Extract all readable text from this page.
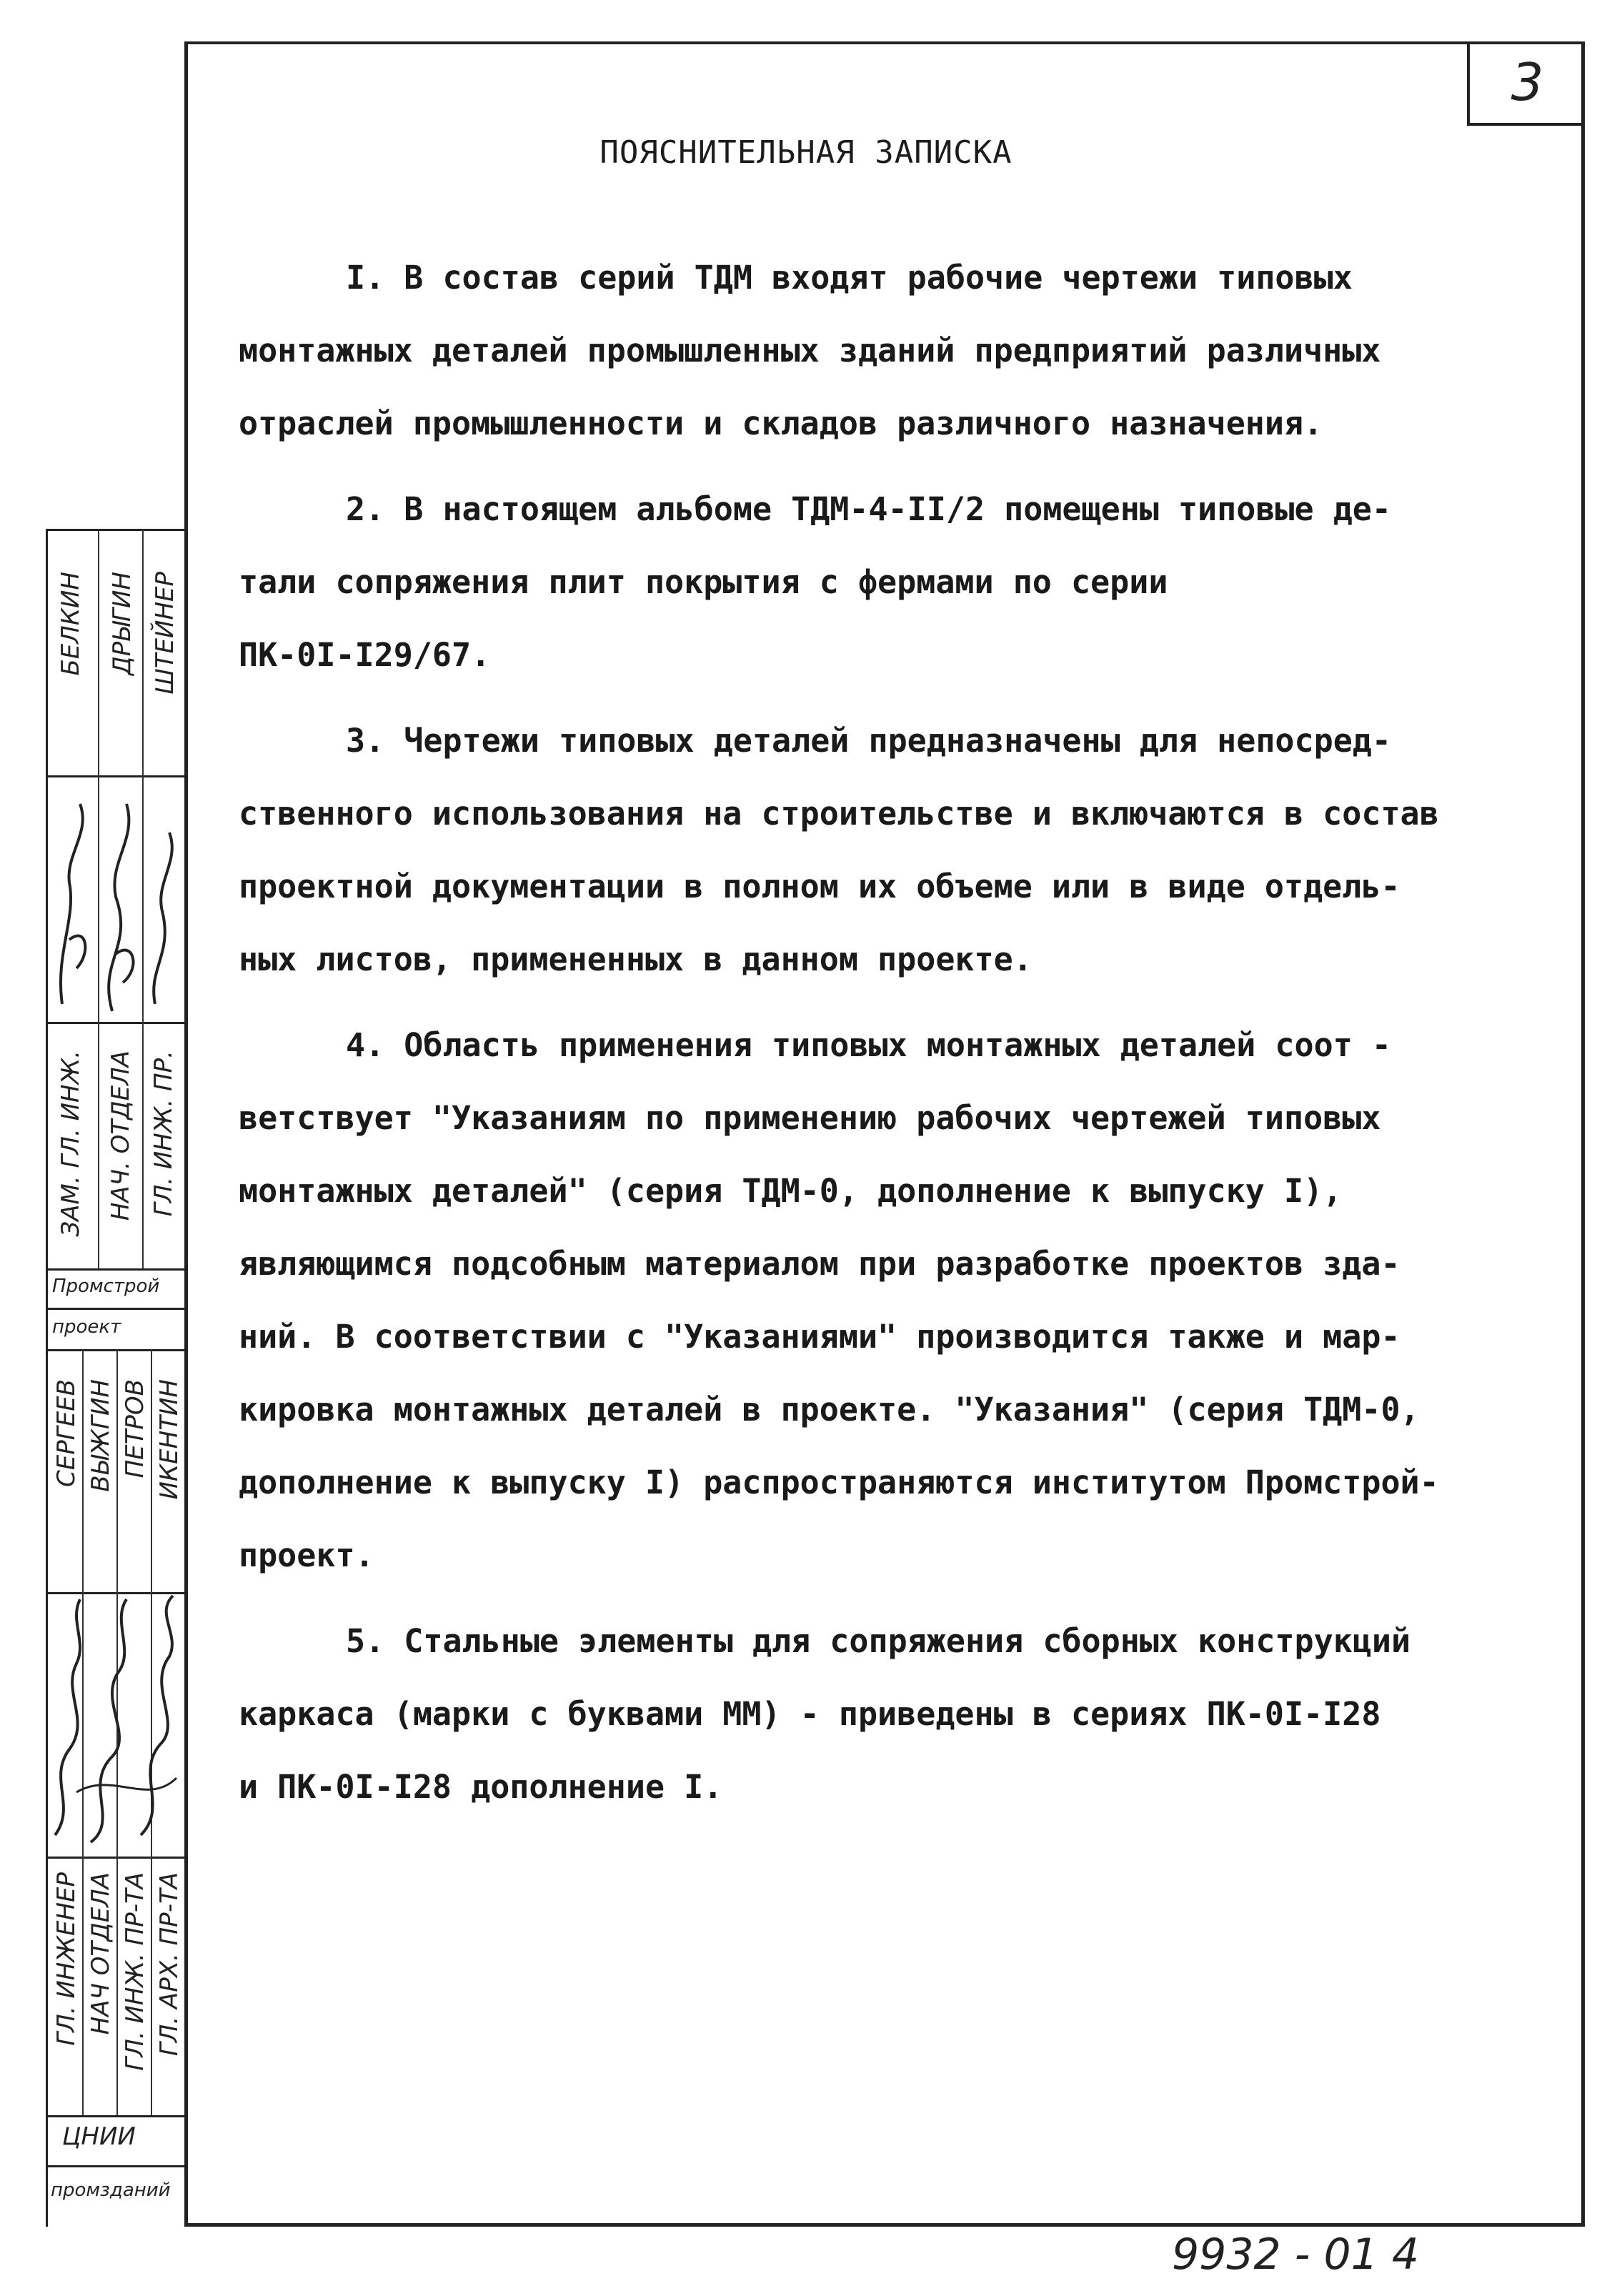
3
ПОЯСНИТЕЛЬНАЯ ЗАПИСКА
I. В состав серий ТДМ входят рабочие чертежи типовых
монтажных деталей промышленных зданий предприятий различных
отраслей промышленности и складов различного назначения.
2. В настоящем альбоме ТДМ-4-II/2 помещены типовые де-
тали сопряжения плит покрытия с фермами по серии
ПК-0I-I29/67.
3. Чертежи типовых деталей предназначены для непосред-
ственного использования на строительстве и включаются в состав
проектной документации в полном их объеме или в виде отдель-
ных листов, примененных в данном проекте.
4. Область применения типовых монтажных деталей соот -
ветствует "Указаниям по применению рабочих чертежей типовых
монтажных деталей" (серия ТДМ-0, дополнение к выпуску I),
являющимся подсобным материалом при разработке проектов зда-
ний. В соответствии с "Указаниями" производится также и мар-
кировка монтажных деталей в проекте. "Указания" (серия ТДМ-0,
дополнение к выпуску I) распространяются институтом Промстрой-
проект.
5. Стальные элементы для сопряжения сборных конструкций
каркаса (марки с буквами ММ) - приведены в сериях ПК-0I-I28
и ПК-0I-I28 дополнение I.
БЕЛКИН ДРЫГИН ШТЕЙНЕР
ЗАМ. ГЛ. ИНЖ. НАЧ. ОТДЕЛА ГЛ. ИНЖ. ПР.
Промстрой
проект
СЕРГЕЕВ ВЫЖГИН ПЕТРОВ ИКЕНТИН
ГЛ. ИНЖЕНЕР НАЧ ОТДЕЛА ГЛ. ИНЖ. ПР-ТА ГЛ. АРХ. ПР-ТА
ЦНИИ
промзданий
9932 - 01 4
